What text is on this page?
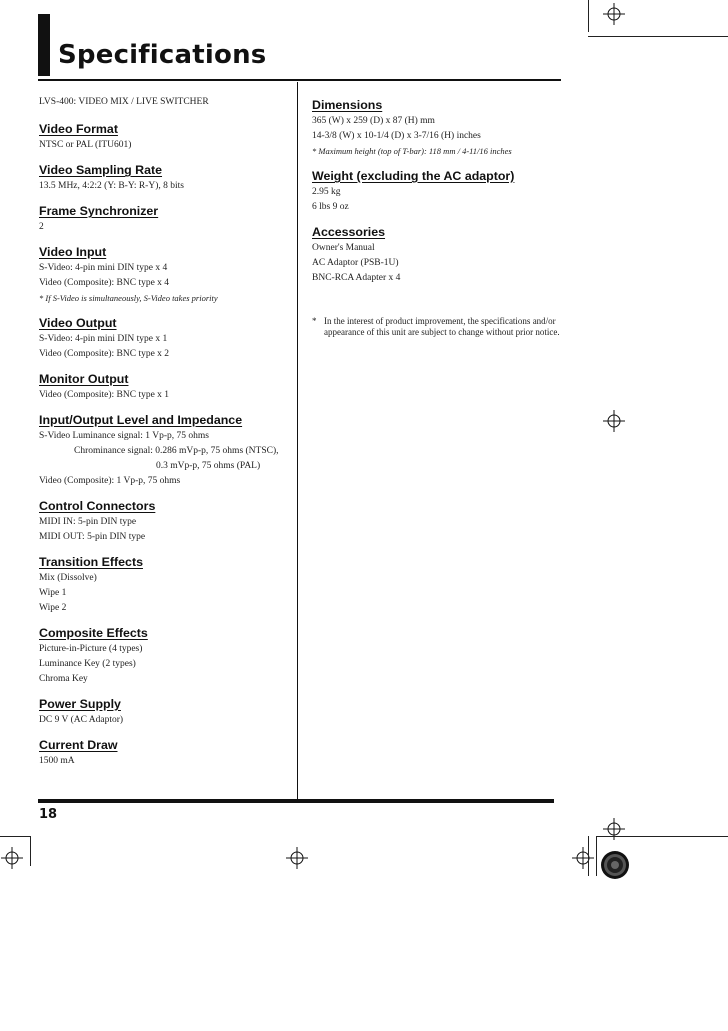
Specifications
LVS-400: VIDEO MIX / LIVE SWITCHER
Video Format
NTSC or PAL (ITU601)
Video Sampling Rate
13.5 MHz, 4:2:2 (Y: B-Y: R-Y), 8 bits
Frame Synchronizer
2
Video Input
S-Video: 4-pin mini DIN type x 4
Video (Composite): BNC type x 4
* If S-Video is simultaneously, S-Video takes priority
Video Output
S-Video: 4-pin mini DIN type x 1
Video (Composite): BNC type x 2
Monitor Output
Video (Composite): BNC type x 1
Input/Output Level and Impedance
S-Video Luminance signal: 1 Vp-p, 75 ohms
Chrominance signal: 0.286 mVp-p, 75 ohms (NTSC),
0.3 mVp-p, 75 ohms (PAL)
Video (Composite): 1 Vp-p, 75 ohms
Control Connectors
MIDI IN: 5-pin DIN type
MIDI OUT: 5-pin DIN type
Transition Effects
Mix (Dissolve)
Wipe 1
Wipe 2
Composite Effects
Picture-in-Picture (4 types)
Luminance Key (2 types)
Chroma Key
Power Supply
DC 9 V (AC Adaptor)
Current Draw
1500 mA
Dimensions
365 (W) x 259 (D) x 87 (H) mm
14-3/8 (W) x 10-1/4 (D) x 3-7/16 (H) inches
* Maximum height (top of T-bar): 118 mm / 4-11/16 inches
Weight (excluding the AC adaptor)
2.95 kg
6 lbs 9 oz
Accessories
Owner's Manual
AC Adaptor (PSB-1U)
BNC-RCA Adapter x 4
* In the interest of product improvement, the specifications and/or appearance of this unit are subject to change without prior notice.
18
